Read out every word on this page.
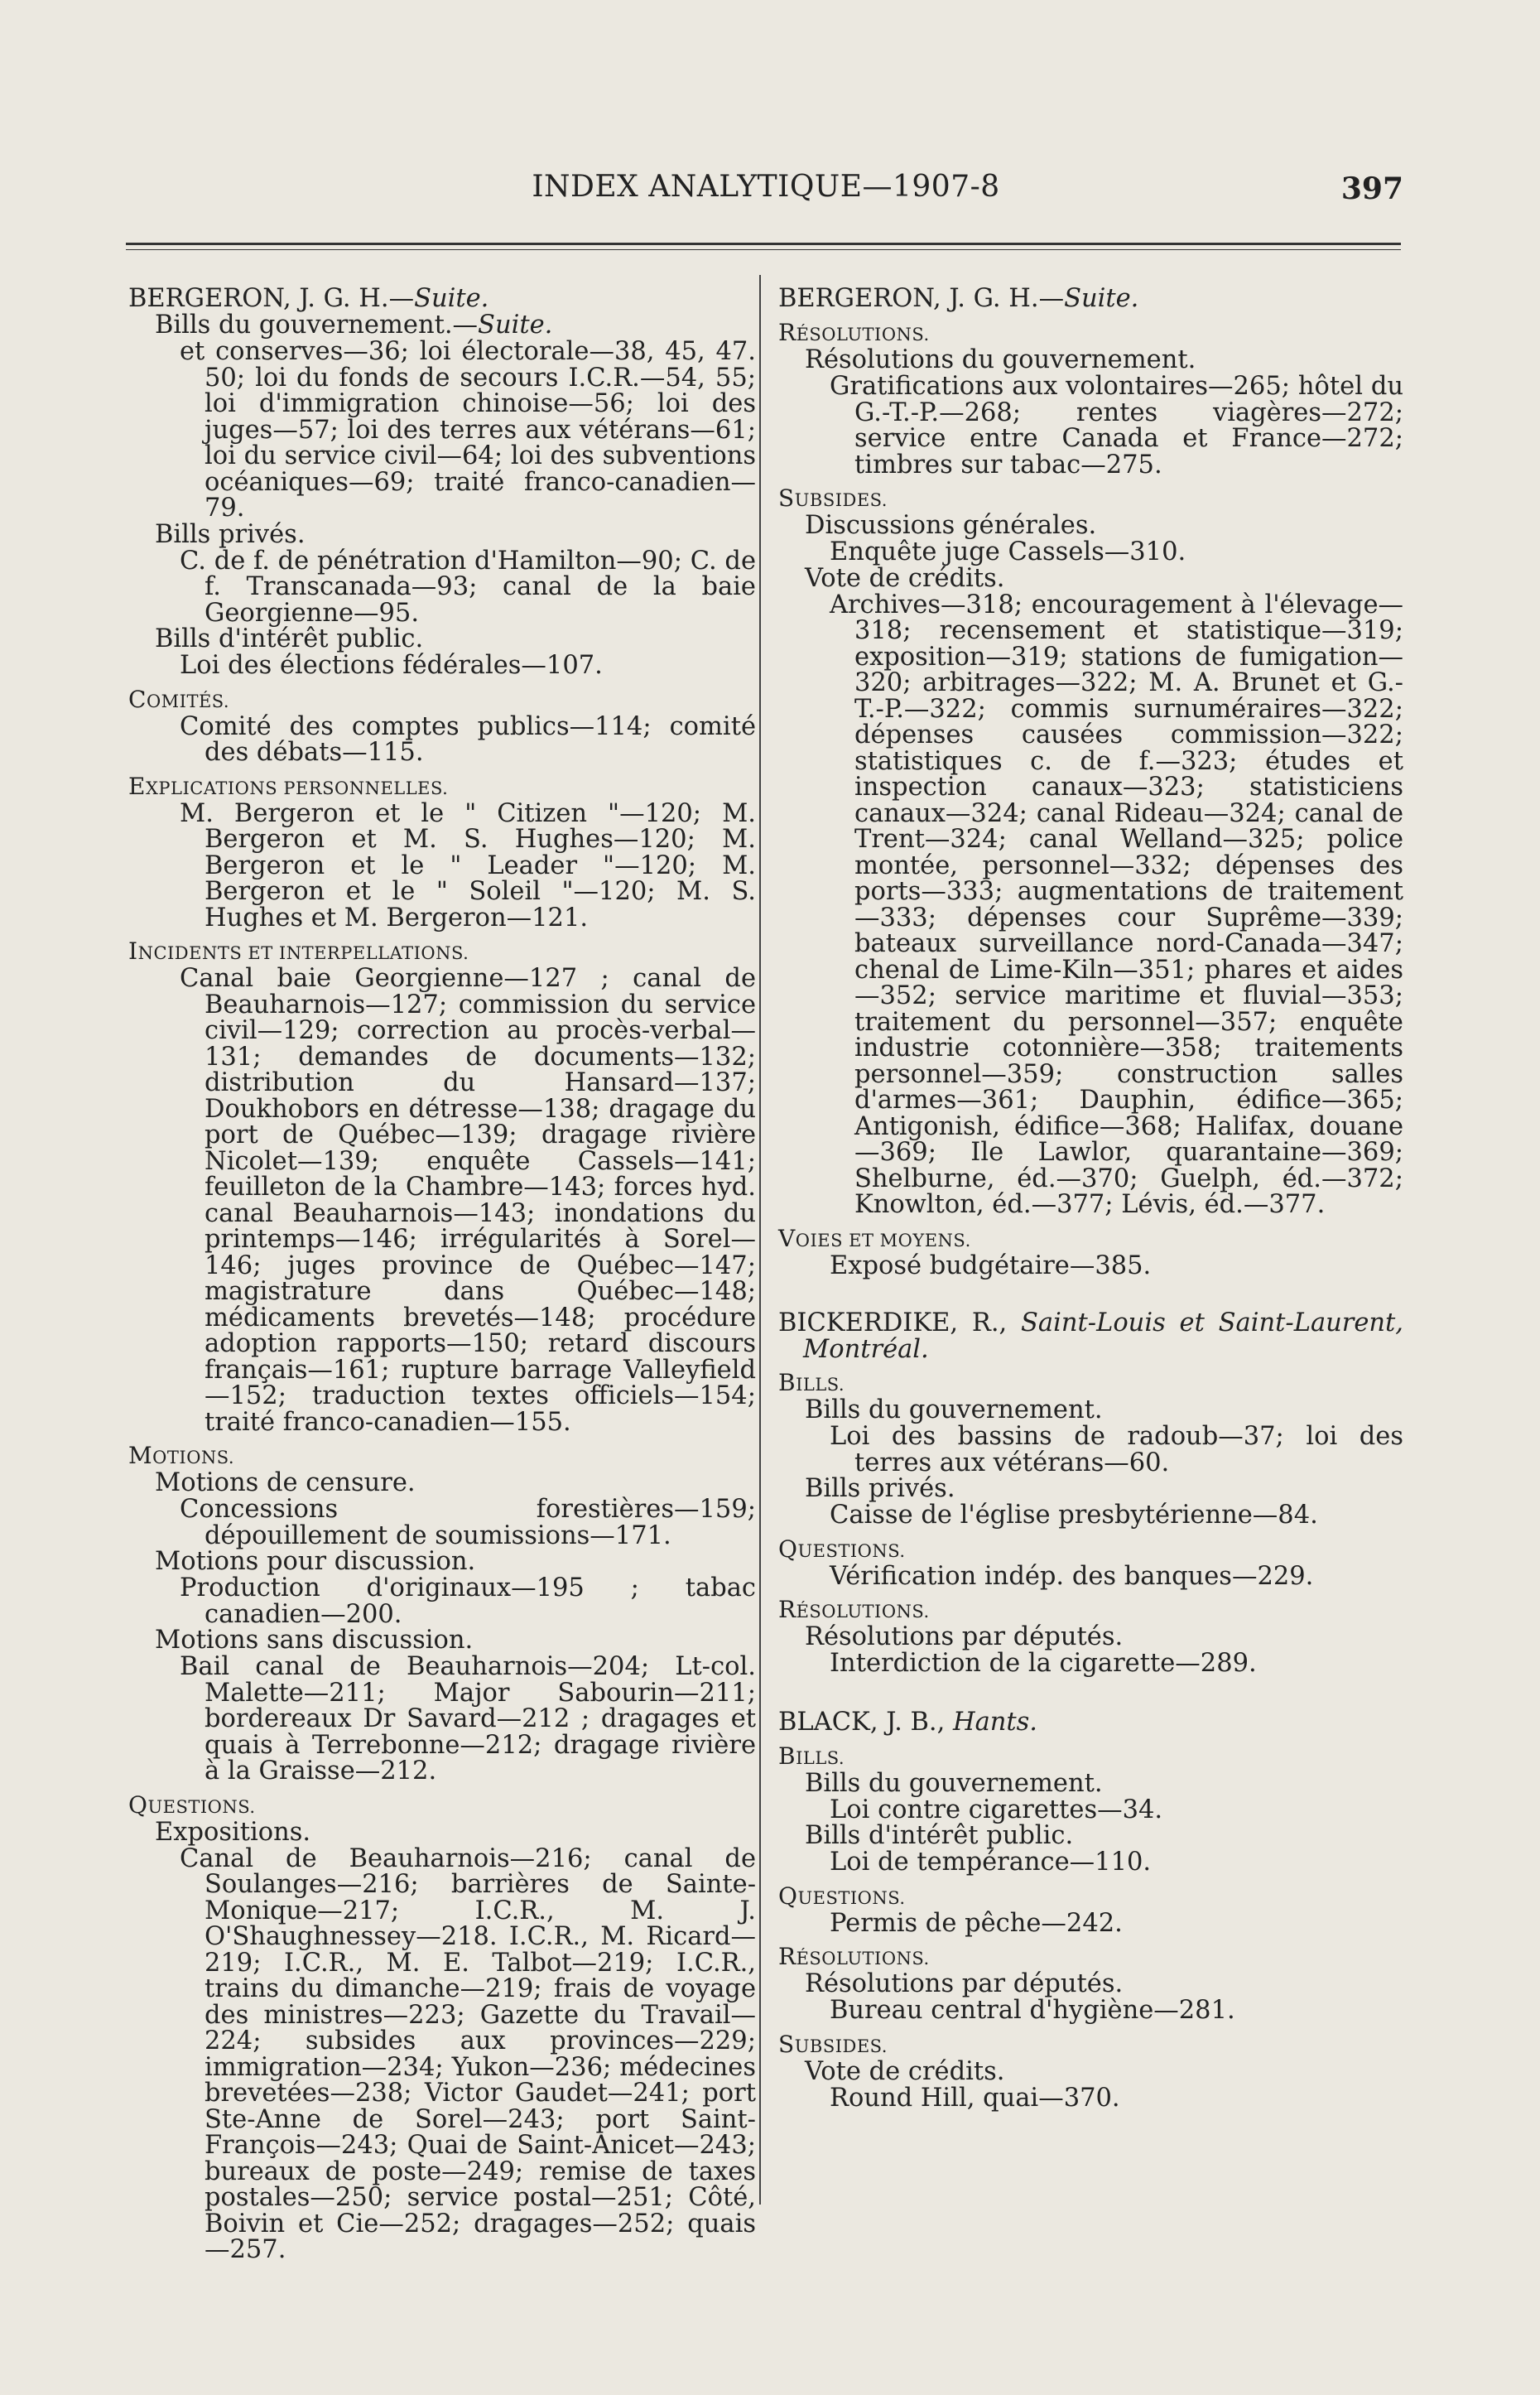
INDEX ANALYTIQUE—1907-8	397
BERGERON, J. G. H.—Suite.
Bills du gouvernement.—Suite.
et conserves—36; loi électorale—38, 45, 47. 50; loi du fonds de secours I.C.R.—54, 55; loi d'immigration chinoise—56; loi des juges—57; loi des terres aux vétérans—61; loi du service civil—64; loi des subventions océaniques—69; traité franco-canadien—79.
Bills privés.
C. de f. de pénétration d'Hamilton—90; C. de f. Transcanada—93; canal de la baie Georgienne—95.
Bills d'intérêt public.
Loi des élections fédérales—107.
COMITÉS.
Comité des comptes publics—114; comité des débats—115.
EXPLICATIONS PERSONNELLES.
M. Bergeron et le " Citizen "—120; M. Bergeron et M. S. Hughes—120; M. Bergeron et le " Leader "—120; M. Bergeron et le " Soleil "—120; M. S. Hughes et M. Bergeron—121.
INCIDENTS ET INTERPELLATIONS.
Canal baie Georgienne—127 ; canal de Beauharnois—127; commission du service civil—129; correction au procès-verbal—131; demandes de documents—132; distribution du Hansard—137; Doukhobors en détresse—138; dragage du port de Québec—139; dragage rivière Nicolet—139; enquête Cassels—141; feuilleton de la Chambre—143; forces hyd. canal Beauharnois—143; inondations du printemps—146; irrégularités à Sorel—146; juges province de Québec—147; magistrature dans Québec—148; médicaments brevetés—148; procédure adoption rapports—150; retard discours français—161; rupture barrage Valleyfield—152; traduction textes officiels—154; traité franco-canadien—155.
MOTIONS.
Motions de censure.
Concessions forestières—159; dépouillement de soumissions—171.
Motions pour discussion.
Production d'originaux—195 ; tabac canadien—200.
Motions sans discussion.
Bail canal de Beauharnois—204; Lt-col. Malette—211; Major Sabourin—211; bordereaux Dr Savard—212 ; dragages et quais à Terrebonne—212; dragage rivière à la Graisse—212.
QUESTIONS.
Expositions.
Canal de Beauharnois—216; canal de Soulanges—216; barrières de Sainte-Monique—217; I.C.R., M. J. O'Shaughnessey—218. I.C.R., M. Ricard—219; I.C.R., M. E. Talbot—219; I.C.R., trains du dimanche—219; frais de voyage des ministres—223; Gazette du Travail—224; subsides aux provinces—229; immigration—234; Yukon—236; médecines brevetées—238; Victor Gaudet—241; port Ste-Anne de Sorel—243; port Saint-François—243; Quai de Saint-Anicet—243; bureaux de poste—249; remise de taxes postales—250; service postal—251; Côté, Boivin et Cie—252; dragages—252; quais—257.
BERGERON, J. G. H.—Suite.
RÉSOLUTIONS.
Résolutions du gouvernement.
Gratifications aux volontaires—265; hôtel du G.-T.-P.—268; rentes viagères—272; service entre Canada et France—272; timbres sur tabac—275.
SUBSIDES.
Discussions générales.
Enquête juge Cassels—310.
Vote de crédits.
Archives—318; encouragement à l'élevage—318; recensement et statistique—319; exposition—319; stations de fumigation—320; arbitrages—322; M. A. Brunet et G.-T.-P.—322; commis surnuméraires—322; dépenses causées commission—322; statistiques c. de f.—323; études et inspection canaux—323; statisticiens canaux—324; canal Rideau—324; canal de Trent—324; canal Welland—325; police montée, personnel—332; dépenses des ports—333; augmentations de traitement—333; dépenses cour Suprême—339; bateaux surveillance nord-Canada—347; chenal de Lime-Kiln—351; phares et aides—352; service maritime et fluvial—353; traitement du personnel—357; enquête industrie cotonnière—358; traitements personnel—359; construction salles d'armes—361; Dauphin, édifice—365; Antigonish, édifice—368; Halifax, douane—369; Ile Lawlor, quarantaine—369; Shelburne, éd.—370; Guelph, éd.—372; Knowlton, éd.—377; Lévis, éd.—377.
VOIES ET MOYENS.
Exposé budgétaire—385.
BICKERDIKE, R., Saint-Louis et Saint-Laurent, Montréal.
BILLS.
Bills du gouvernement.
Loi des bassins de radoub—37; loi des terres aux vétérans—60.
Bills privés.
Caisse de l'église presbytérienne—84.
QUESTIONS.
Vérification indép. des banques—229.
RÉSOLUTIONS.
Résolutions par députés.
Interdiction de la cigarette—289.
BLACK, J. B., Hants.
BILLS.
Bills du gouvernement.
Loi contre cigarettes—34.
Bills d'intérêt public.
Loi de tempérance—110.
QUESTIONS.
Permis de pêche—242.
RÉSOLUTIONS.
Résolutions par députés.
Bureau central d'hygiène—281.
SUBSIDES.
Vote de crédits.
Round Hill, quai—370.
